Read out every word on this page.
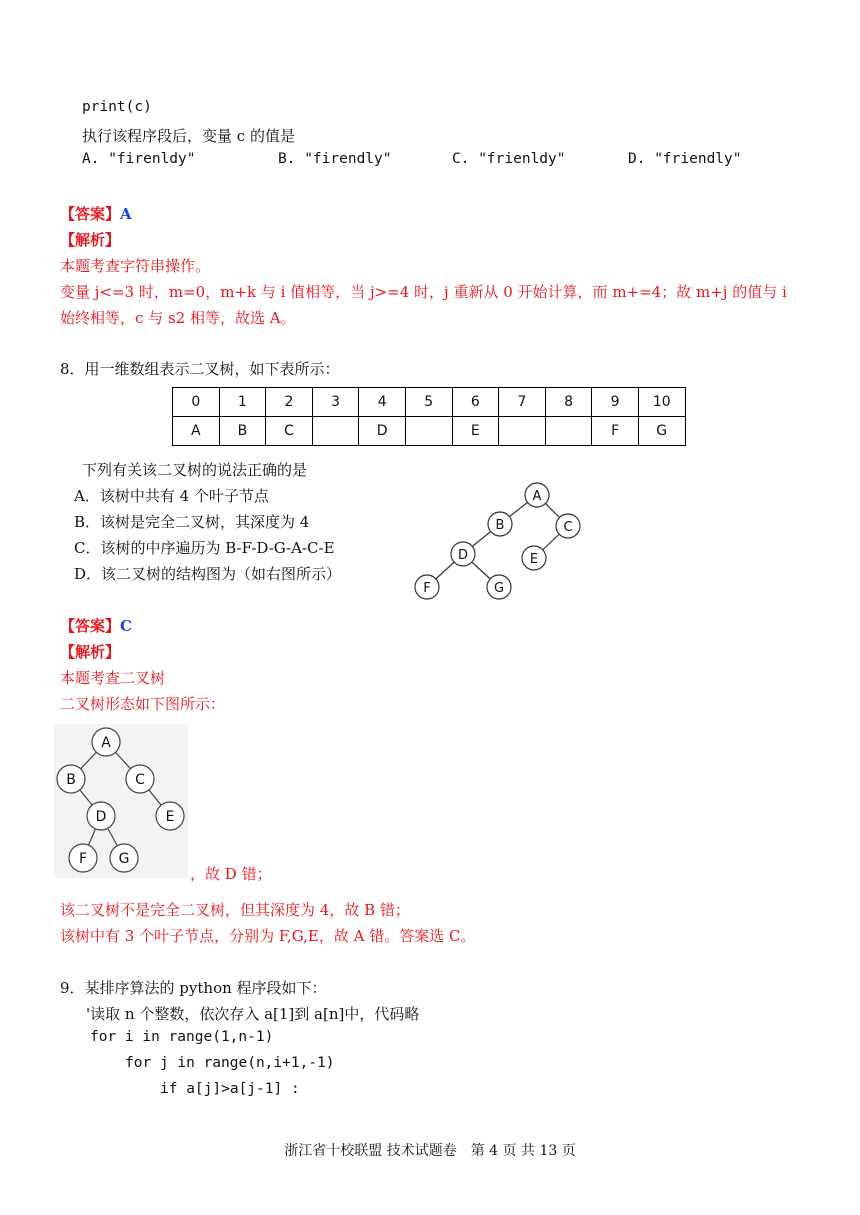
print(c)
执行该程序段后，变量 c 的值是
A. "firenldy"	B. "firendly"	C. "frienldy"	D. "friendly"
【答案】A
【解析】
本题考查字符串操作。
变量 j<=3 时，m=0，m+k 与 i 值相等，当 j>=4 时，j 重新从 0 开始计算，而 m+=4；故 m+j 的值与 i
始终相等，c 与 s2 相等，故选 A。
8．用一维数组表示二叉树，如下表所示：
0	1	2	3	4	5	6	7	8	9	10
A	B	C		D		E			F	G
下列有关该二叉树的说法正确的是
A．该树中共有 4 个叶子节点
B．该树是完全二叉树，其深度为 4
C．该树的中序遍历为 B-F-D-G-A-C-E
D．该二叉树的结构图为（如右图所示）
A
B	C
D	E
F	G
【答案】C
【解析】
本题考查二叉树
二叉树形态如下图所示：
A
B	C
D	E
F G
，故 D 错；
该二叉树不是完全二叉树，但其深度为 4，故 B 错；
该树中有 3 个叶子节点，分别为 F,G,E，故 A 错。答案选 C。
9．某排序算法的 python 程序段如下：
'读取 n 个整数，依次存入 a[1]到 a[n]中，代码略
for i in range(1,n-1)
for j in range(n,i+1,-1)
if a[j]>a[j-1] :
浙江省十校联盟 技术试题卷　第 4 页 共 13 页
